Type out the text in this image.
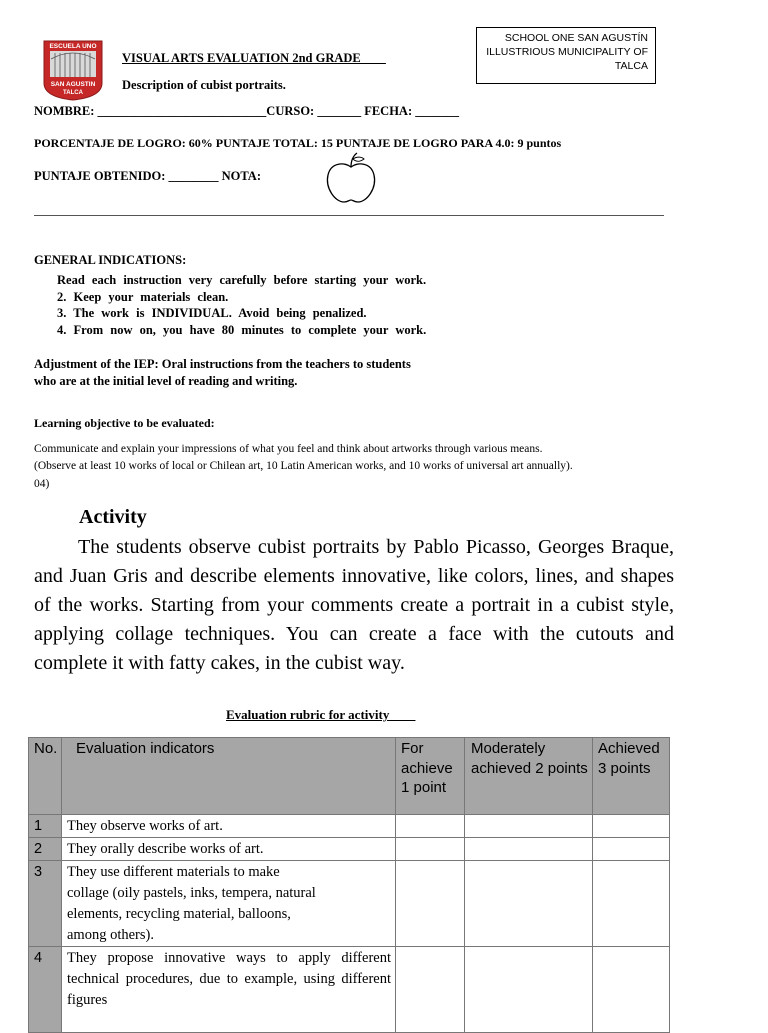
ESCUELA UNO
SAN AGUSTIN
TALCA
VISUAL ARTS EVALUATION 2nd GRADE____
Description of cubist portraits.
SCHOOL ONE SAN AGUSTÍN
ILLUSTRIOUS MUNICIPALITY OF
TALCA
NOMBRE: ___________________________CURSO: _______ FECHA: _______
PORCENTAJE DE LOGRO: 60% PUNTAJE TOTAL: 15 PUNTAJE DE LOGRO PARA 4.0: 9 puntos
PUNTAJE OBTENIDO: ________ NOTA:
GENERAL INDICATIONS:
Read each instruction very carefully before starting your work.
2. Keep your materials clean.
3. The work is INDIVIDUAL. Avoid being penalized.
4. From now on, you have 80 minutes to complete your work.
Adjustment of the IEP: Oral instructions from the teachers to students
who are at the initial level of reading and writing.
Learning objective to be evaluated:
Communicate and explain your impressions of what you feel and think about artworks through various means.
(Observe at least 10 works of local or Chilean art, 10 Latin American works, and 10 works of universal art annually).
04)
Activity
The students observe cubist portraits by Pablo Picasso, Georges Braque, and Juan Gris and describe elements innovative, like colors, lines, and shapes of the works. Starting from your comments create a portrait in a cubist style, applying collage techniques. You can create a face with the cutouts and complete it with fatty cakes, in the cubist way.
Evaluation rubric for activity____
No.	Evaluation indicators	For achieve 1 point	Moderately achieved 2 points	Achieved 3 points
1	They observe works of art.			
2	They orally describe works of art.			
3	They use different materials to make collage (oily pastels, inks, tempera, natural elements, recycling material, balloons, among others).			
4	They propose innovative ways to apply different technical procedures, due to example, using different figures			
